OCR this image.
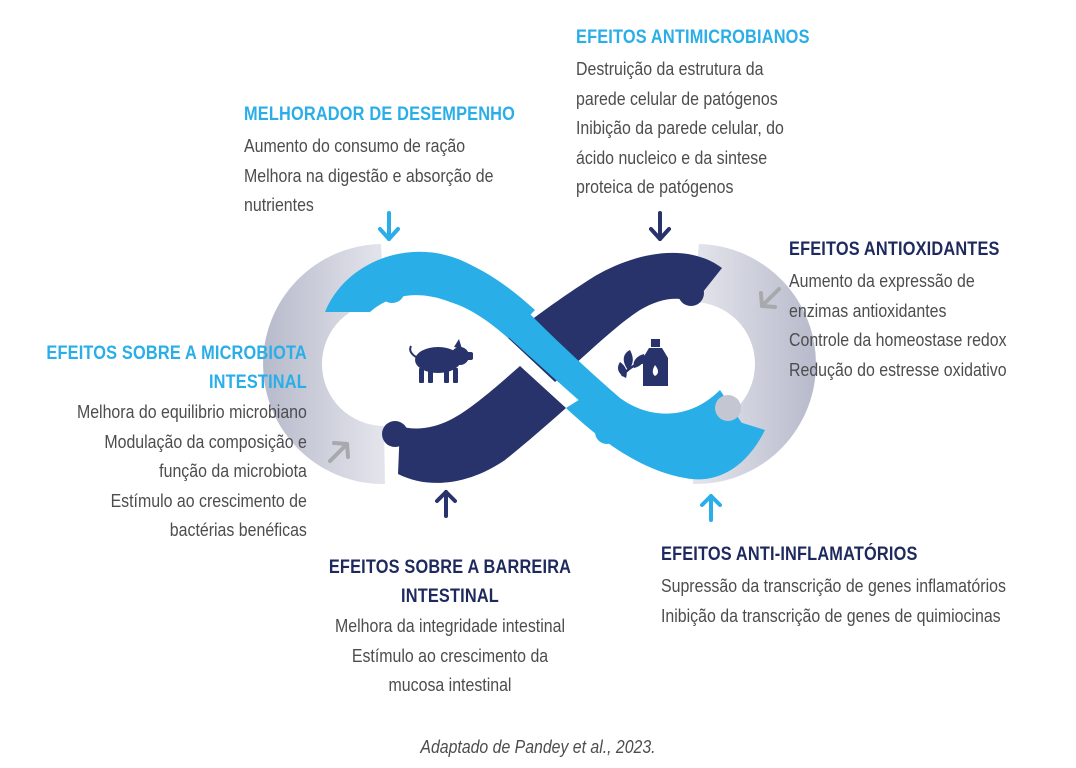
MELHORADOR DE DESEMPENHO
Aumento do consumo de ração
Melhora na digestão e absorção de
nutrientes
EFEITOS ANTIMICROBIANOS
Destruição da estrutura da
parede celular de patógenos
Inibição da parede celular, do
ácido nucleico e da sintese
proteica de patógenos
EFEITOS ANTIOXIDANTES
Aumento da expressão de
enzimas antioxidantes
Controle da homeostase redox
Redução do estresse oxidativo
EFEITOS SOBRE A MICROBIOTA
INTESTINAL
Melhora do equilibrio microbiano
Modulação da composição e
função da microbiota
Estímulo ao crescimento de
bactérias benéficas
EFEITOS SOBRE A BARREIRA
INTESTINAL
Melhora da integridade intestinal
Estímulo ao crescimento da
mucosa intestinal
EFEITOS ANTI-INFLAMATÓRIOS
Supressão da transcrição de genes inflamatórios
Inibição da transcrição de genes de quimiocinas
Adaptado de Pandey et al., 2023.
